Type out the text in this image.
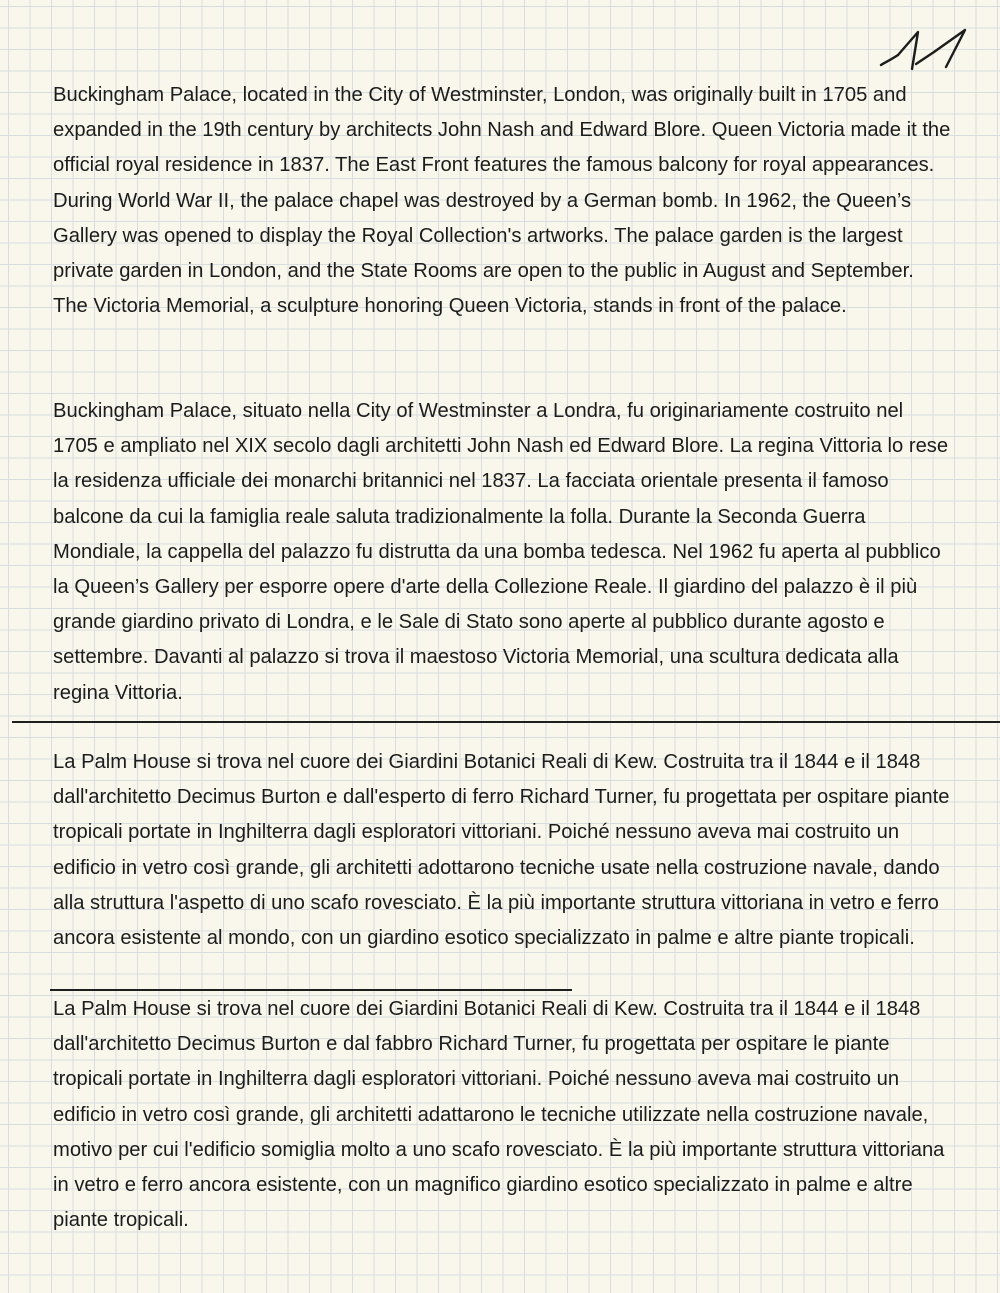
Buckingham Palace, located in the City of Westminster, London, was originally built in 1705 and expanded in the 19th century by architects John Nash and Edward Blore. Queen Victoria made it the official royal residence in 1837. The East Front features the famous balcony for royal appearances. During World War II, the palace chapel was destroyed by a German bomb. In 1962, the Queen’s Gallery was opened to display the Royal Collection's artworks. The palace garden is the largest private garden in London, and the State Rooms are open to the public in August and September. The Victoria Memorial, a sculpture honoring Queen Victoria, stands in front of the palace.

Buckingham Palace, situato nella City of Westminster a Londra, fu originariamente costruito nel 1705 e ampliato nel XIX secolo dagli architetti John Nash ed Edward Blore. La regina Vittoria lo rese la residenza ufficiale dei monarchi britannici nel 1837. La facciata orientale presenta il famoso balcone da cui la famiglia reale saluta tradizionalmente la folla. Durante la Seconda Guerra Mondiale, la cappella del palazzo fu distrutta da una bomba tedesca. Nel 1962 fu aperta al pubblico la Queen’s Gallery per esporre opere d'arte della Collezione Reale. Il giardino del palazzo è il più grande giardino privato di Londra, e le Sale di Stato sono aperte al pubblico durante agosto e settembre. Davanti al palazzo si trova il maestoso Victoria Memorial, una scultura dedicata alla regina Vittoria.

La Palm House si trova nel cuore dei Giardini Botanici Reali di Kew. Costruita tra il 1844 e il 1848 dall'architetto Decimus Burton e dall'esperto di ferro Richard Turner, fu progettata per ospitare piante tropicali portate in Inghilterra dagli esploratori vittoriani. Poiché nessuno aveva mai costruito un edificio in vetro così grande, gli architetti adottarono tecniche usate nella costruzione navale, dando alla struttura l'aspetto di uno scafo rovesciato. È la più importante struttura vittoriana in vetro e ferro ancora esistente al mondo, con un giardino esotico specializzato in palme e altre piante tropicali.

La Palm House si trova nel cuore dei Giardini Botanici Reali di Kew. Costruita tra il 1844 e il 1848 dall'architetto Decimus Burton e dal fabbro Richard Turner, fu progettata per ospitare le piante tropicali portate in Inghilterra dagli esploratori vittoriani. Poiché nessuno aveva mai costruito un edificio in vetro così grande, gli architetti adattarono le tecniche utilizzate nella costruzione navale, motivo per cui l'edificio somiglia molto a uno scafo rovesciato. È la più importante struttura vittoriana in vetro e ferro ancora esistente, con un magnifico giardino esotico specializzato in palme e altre piante tropicali.
